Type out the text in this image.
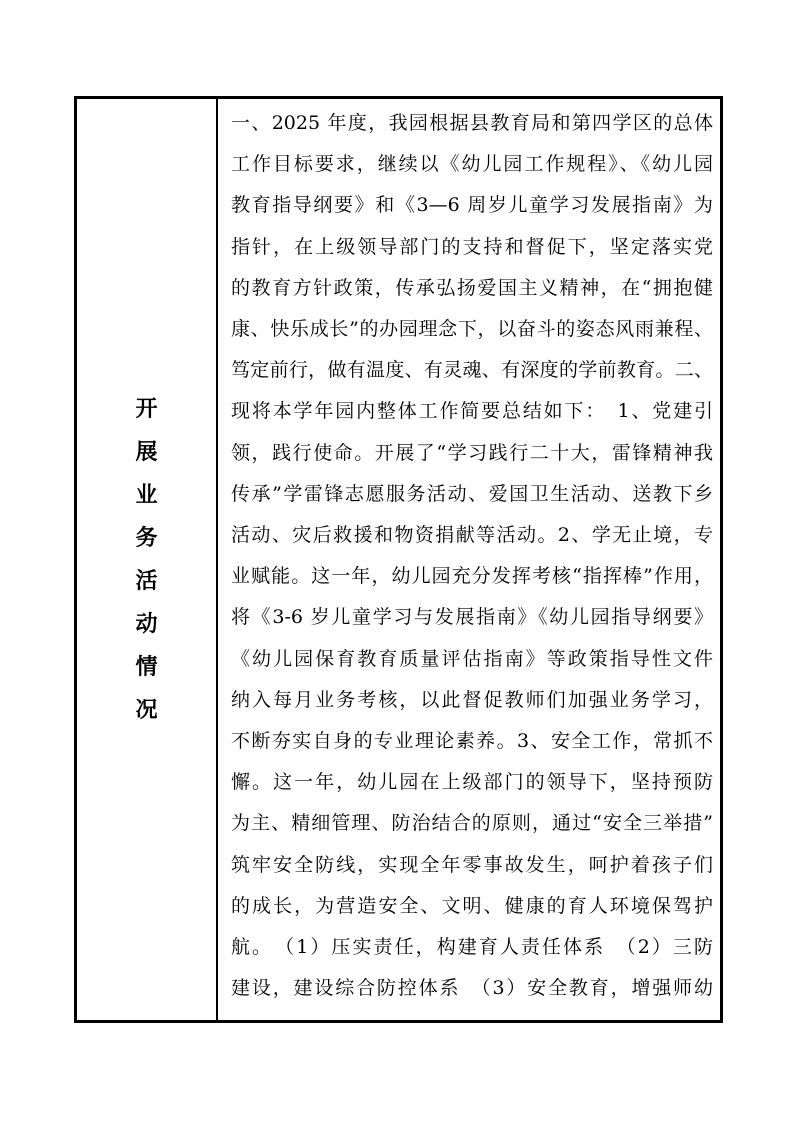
开
展
业
务
活
动
情
况
一、2025 年度，我园根据县教育局和第四学区的总体
工作目标要求，继续以《幼儿园工作规程》、《幼儿园
教育指导纲要》和《3—6 周岁儿童学习发展指南》为
指针，在上级领导部门的支持和督促下，坚定落实党
的教育方针政策，传承弘扬爱国主义精神，在“拥抱健
康、快乐成长”的办园理念下，以奋斗的姿态风雨兼程、
笃定前行，做有温度、有灵魂、有深度的学前教育。二、
现将本学年园内整体工作简要总结如下：　1、党建引
领，践行使命。开展了“学习践行二十大，雷锋精神我
传承”学雷锋志愿服务活动、爱国卫生活动、送教下乡
活动、灾后救援和物资捐献等活动。2、学无止境，专
业赋能。这一年，幼儿园充分发挥考核“指挥棒”作用，
将《3-6 岁儿童学习与发展指南》《幼儿园指导纲要》
《幼儿园保育教育质量评估指南》等政策指导性文件
纳入每月业务考核，以此督促教师们加强业务学习，
不断夯实自身的专业理论素养。3、安全工作，常抓不
懈。这一年，幼儿园在上级部门的领导下，坚持预防
为主、精细管理、防治结合的原则，通过“安全三举措”
筑牢安全防线，实现全年零事故发生，呵护着孩子们
的成长，为营造安全、文明、健康的育人环境保驾护
航。　（1）压实责任，构建育人责任体系　（2）三防
建设，建设综合防控体系　（3）安全教育，增强师幼
